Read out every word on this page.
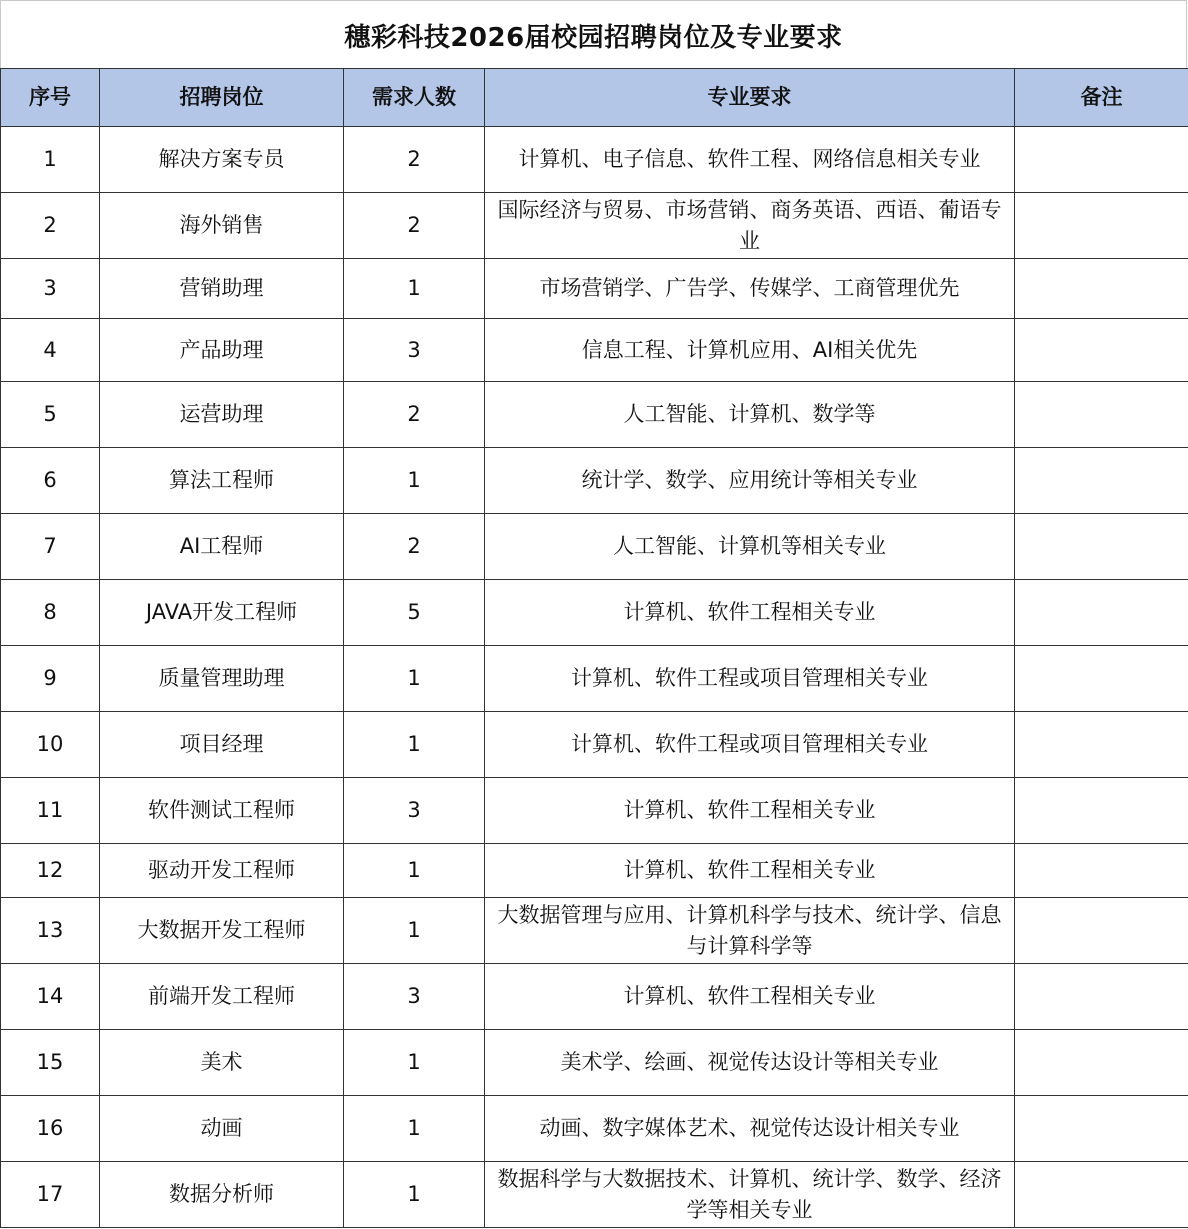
穗彩科技2026届校园招聘岗位及专业要求
序号	招聘岗位	需求人数	专业要求	备注
1	解决方案专员	2	计算机、电子信息、软件工程、网络信息相关专业	
2	海外销售	2	国际经济与贸易、市场营销、商务英语、西语、葡语专业	
3	营销助理	1	市场营销学、广告学、传媒学、工商管理优先	
4	产品助理	3	信息工程、计算机应用、AI相关优先	
5	运营助理	2	人工智能、计算机、数学等	
6	算法工程师	1	统计学、数学、应用统计等相关专业	
7	AI工程师	2	人工智能、计算机等相关专业	
8	JAVA开发工程师	5	计算机、软件工程相关专业	
9	质量管理助理	1	计算机、软件工程或项目管理相关专业	
10	项目经理	1	计算机、软件工程或项目管理相关专业	
11	软件测试工程师	3	计算机、软件工程相关专业	
12	驱动开发工程师	1	计算机、软件工程相关专业	
13	大数据开发工程师	1	大数据管理与应用、计算机科学与技术、统计学、信息与计算科学等	
14	前端开发工程师	3	计算机、软件工程相关专业	
15	美术	1	美术学、绘画、视觉传达设计等相关专业	
16	动画	1	动画、数字媒体艺术、视觉传达设计相关专业	
17	数据分析师	1	数据科学与大数据技术、计算机、统计学、数学、经济学等相关专业	
